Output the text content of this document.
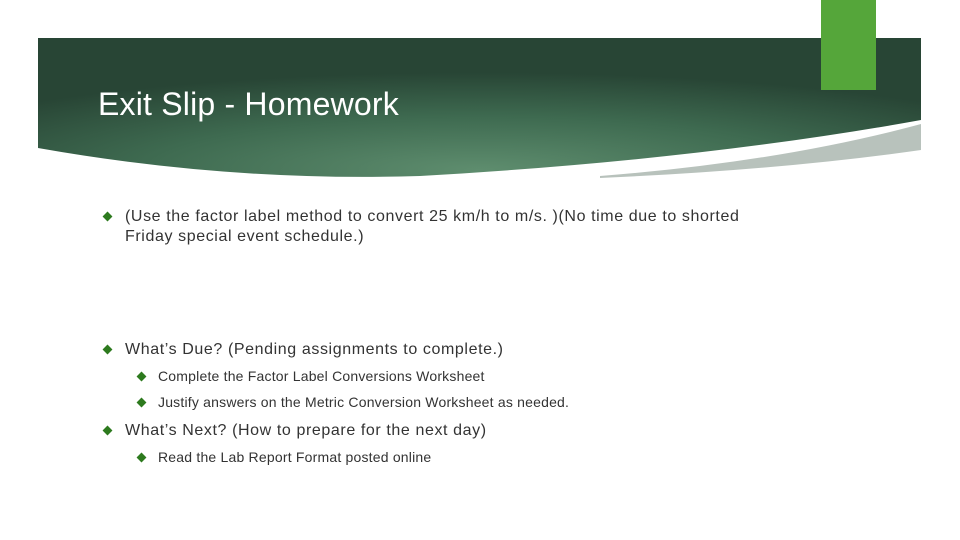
Exit Slip - Homework
(Use the factor label method to convert 25 km/h to m/s. )(No time due to shorted
Friday special event schedule.)
What’s Due? (Pending assignments to complete.)
Complete the Factor Label Conversions Worksheet
Justify answers on the Metric Conversion Worksheet as needed.
What’s Next? (How to prepare for the next day)
Read the Lab Report Format posted online
